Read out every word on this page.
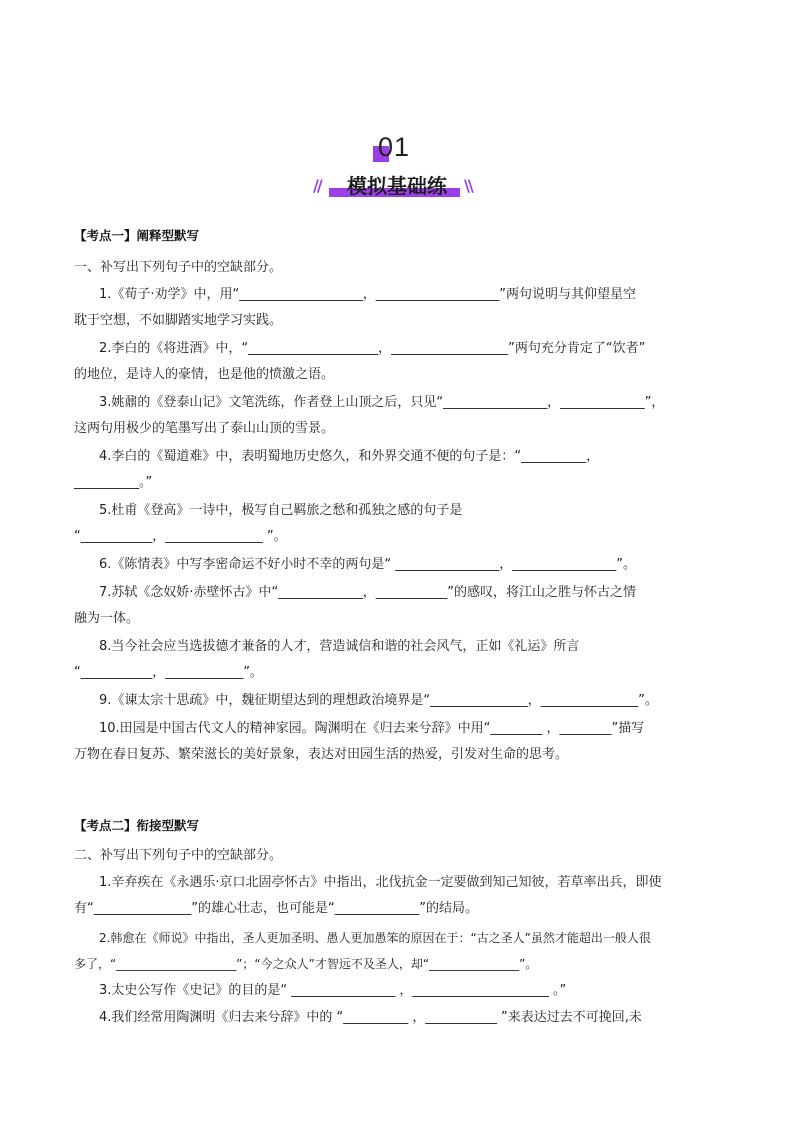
01
//	模拟基础练	\\
【考点一】阐释型默写
一、补写出下列句子中的空缺部分。
1.《荀子·劝学》中，用“___________________，___________________”两句说明与其仰望星空
耽于空想，不如脚踏实地学习实践。
2.李白的《将进酒》中，“____________________，__________________”两句充分肯定了“饮者”
的地位，是诗人的豪情，也是他的愤激之语。
3.姚鼐的《登泰山记》文笔洗练，作者登上山顶之后，只见“________________，_____________”，
这两句用极少的笔墨写出了泰山山顶的雪景。
4.李白的《蜀道难》中，表明蜀地历史悠久，和外界交通不便的句子是：“__________，
__________。”
5.杜甫《登高》一诗中，极写自己羁旅之愁和孤独之感的句子是
“___________，_______________ ”。
6.《陈情表》中写李密命运不好小时不幸的两句是“ ________________，________________”。
7.苏轼《念奴娇·赤壁怀古》中“_____________，___________”的感叹，将江山之胜与怀古之情
融为一体。
8.当今社会应当选拔德才兼备的人才，营造诚信和谐的社会风气，正如《礼运》所言
“___________，____________”。
9.《谏太宗十思疏》中，魏征期望达到的理想政治境界是“_______________，_______________”。
10.田园是中国古代文人的精神家园。陶渊明在《归去来兮辞》中用“________ ，________”描写
万物在春日复苏、繁荣滋长的美好景象，表达对田园生活的热爱，引发对生命的思考。
【考点二】衔接型默写
二、补写出下列句子中的空缺部分。
1.辛弃疾在《永遇乐·京口北固亭怀古》中指出，北伐抗金一定要做到知己知彼，若草率出兵，即使
有“_______________”的雄心壮志，也可能是“_____________”的结局。
2.韩愈在《师说》中指出，圣人更加圣明、愚人更加愚笨的原因在于：“古之圣人”虽然才能超出一般人很
多了，“____________________”；“今之众人”才智远不及圣人，却“_______________”。
3.太史公写作《史记》的目的是“ ________________ ，_____________________ 。”
4.我们经常用陶渊明《归去来兮辞》中的 “__________ ，___________ ”来表达过去不可挽回,未
